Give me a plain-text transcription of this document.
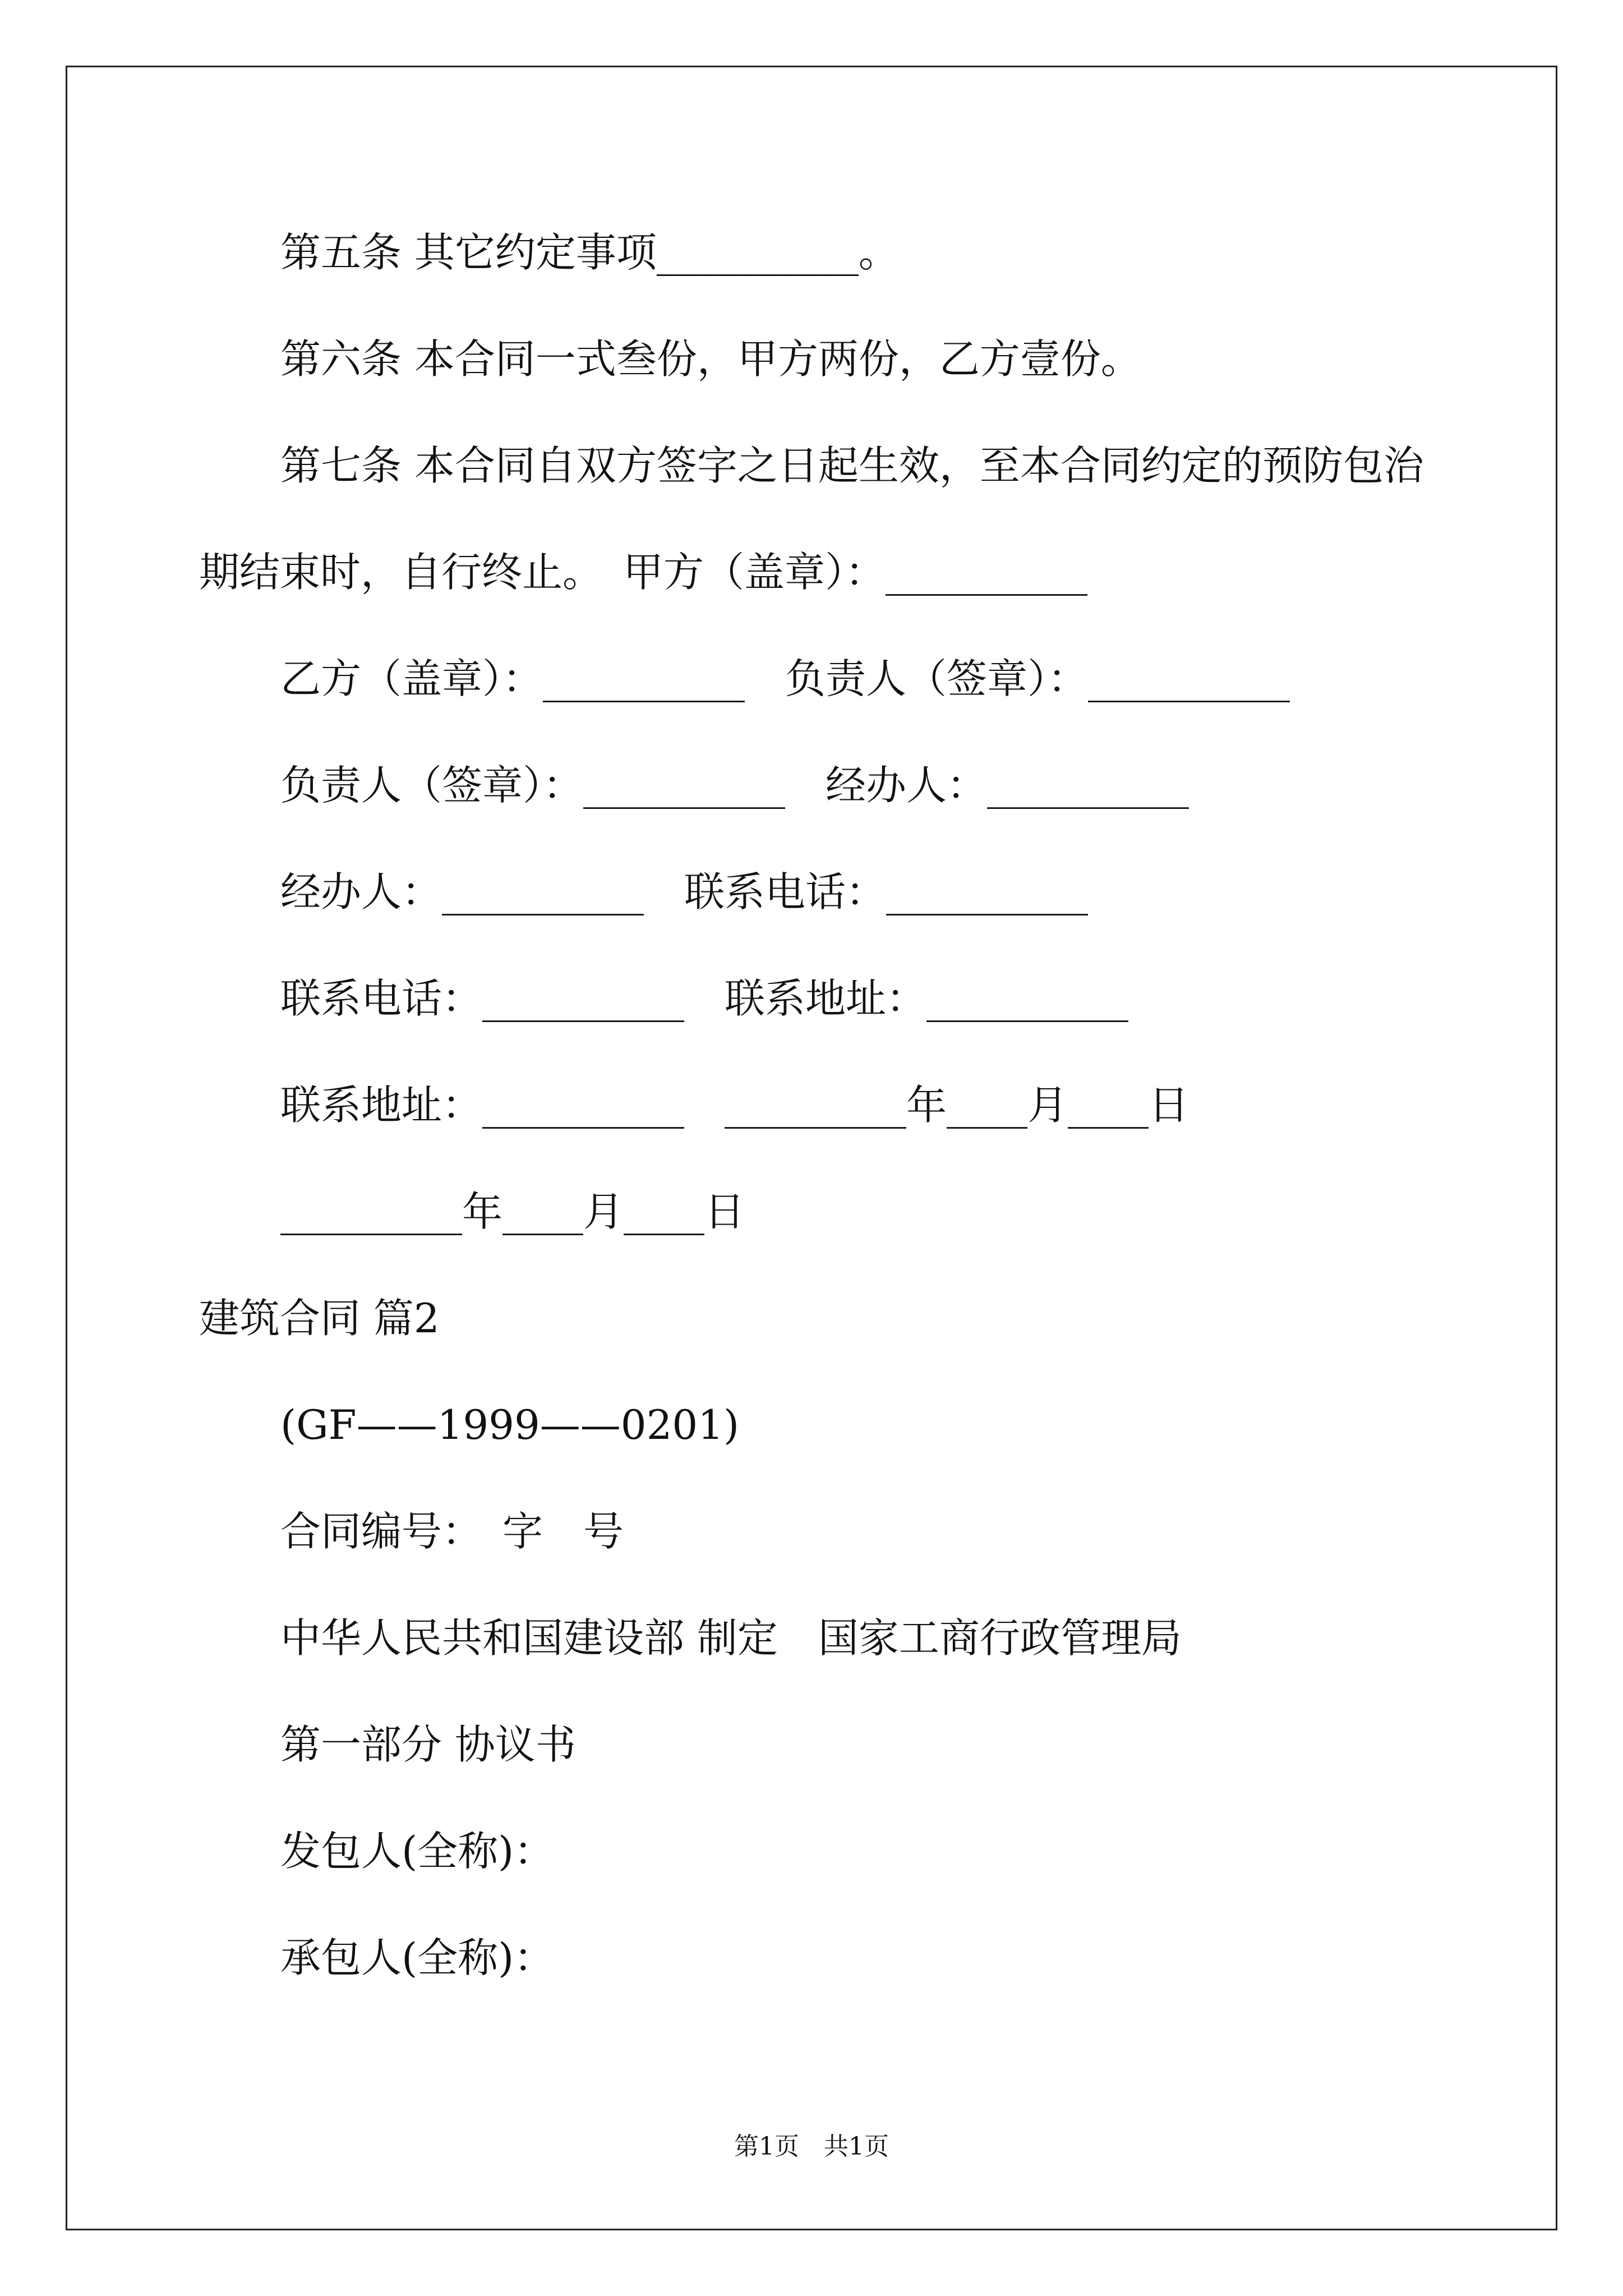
第五条 其它约定事项__________。
第六条 本合同一式叁份，甲方两份，乙方壹份。
第七条 本合同自双方签字之日起生效，至本合同约定的预防包治
期结束时，自行终止。　甲方（盖章）：__________
乙方（盖章）：__________　负责人（签章）：__________
负责人（签章）：__________　经办人：__________
经办人：__________　联系电话：__________
联系电话：__________　联系地址：__________
联系地址：__________　_________年____月____日
_________年____月____日
建筑合同 篇2
(GF——1999——0201)
合同编号：　字　号
中华人民共和国建设部 制定　国家工商行政管理局
第一部分 协议书
发包人(全称)：
承包人(全称)：
第1页　共1页
